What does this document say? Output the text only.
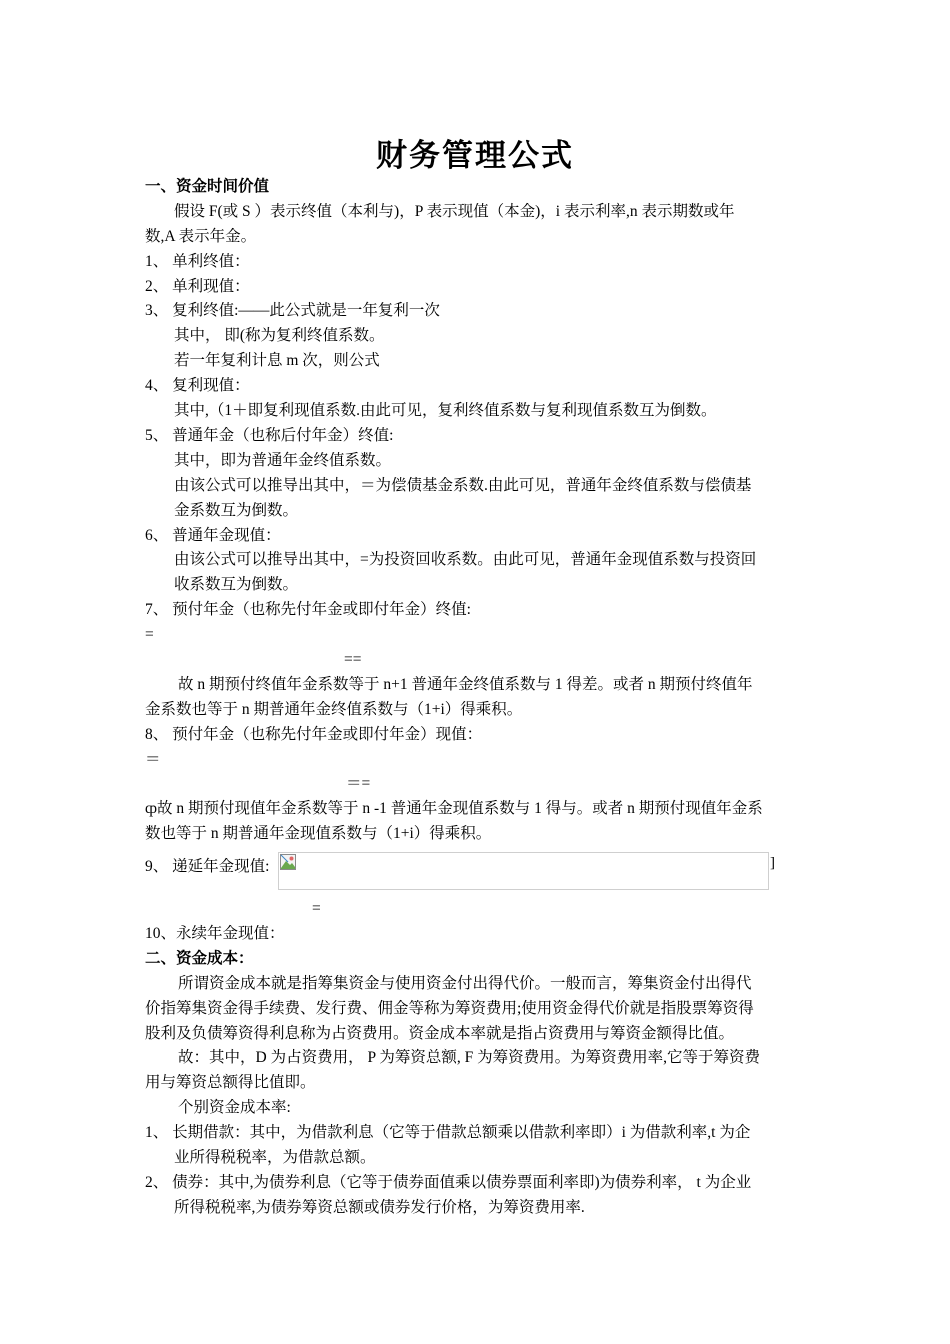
财务管理公式
一、资金时间价值
假设 F(或 S ）表示终值（本利与)，P 表示现值（本金)，i 表示利率,n 表示期数或年
数,A 表示年金。
1、 单利终值：
2、 单利现值：
3、 复利终值:——此公式就是一年复利一次
其中， 即(称为复利终值系数。
若一年复利计息 m 次，则公式
4、 复利现值：
其中,（1＋即复利现值系数.由此可见，复利终值系数与复利现值系数互为倒数。
5、 普通年金（也称后付年金）终值:
其中，即为普通年金终值系数。
由该公式可以推导出其中，＝为偿债基金系数.由此可见，普通年金终值系数与偿债基
金系数互为倒数。
6、 普通年金现值：
由该公式可以推导出其中，=为投资回收系数。由此可见，普通年金现值系数与投资回
收系数互为倒数。
7、 预付年金（也称先付年金或即付年金）终值:
=
==
故 n 期预付终值年金系数等于 n+1 普通年金终值系数与 1 得差。或者 n 期预付终值年
金系数也等于 n 期普通年金终值系数与（1+i）得乘积。
8、 预付年金（也称先付年金或即付年金）现值：
＝
＝=
ȹ故 n 期预付现值年金系数等于 n -1 普通年金现值系数与 1 得与。或者 n 期预付现值年金系
数也等于 n 期普通年金现值系数与（1+i）得乘积。
9、 递延年金现值:	]
=
10、永续年金现值：
二、资金成本：
所谓资金成本就是指筹集资金与使用资金付出得代价。一般而言，筹集资金付出得代
价指筹集资金得手续费、发行费、佣金等称为筹资费用;使用资金得代价就是指股票筹资得
股利及负债筹资得利息称为占资费用。资金成本率就是指占资费用与筹资金额得比值。
故：其中，D 为占资费用， P 为筹资总额, F 为筹资费用。为筹资费用率,它等于筹资费
用与筹资总额得比值即。
个别资金成本率:
1、 长期借款：其中，为借款利息（它等于借款总额乘以借款利率即）i 为借款利率,t 为企
业所得税税率，为借款总额。
2、 债券：其中,为债券利息（它等于债券面值乘以债券票面利率即)为债券利率， t 为企业
所得税税率,为债券筹资总额或债券发行价格，为筹资费用率.
